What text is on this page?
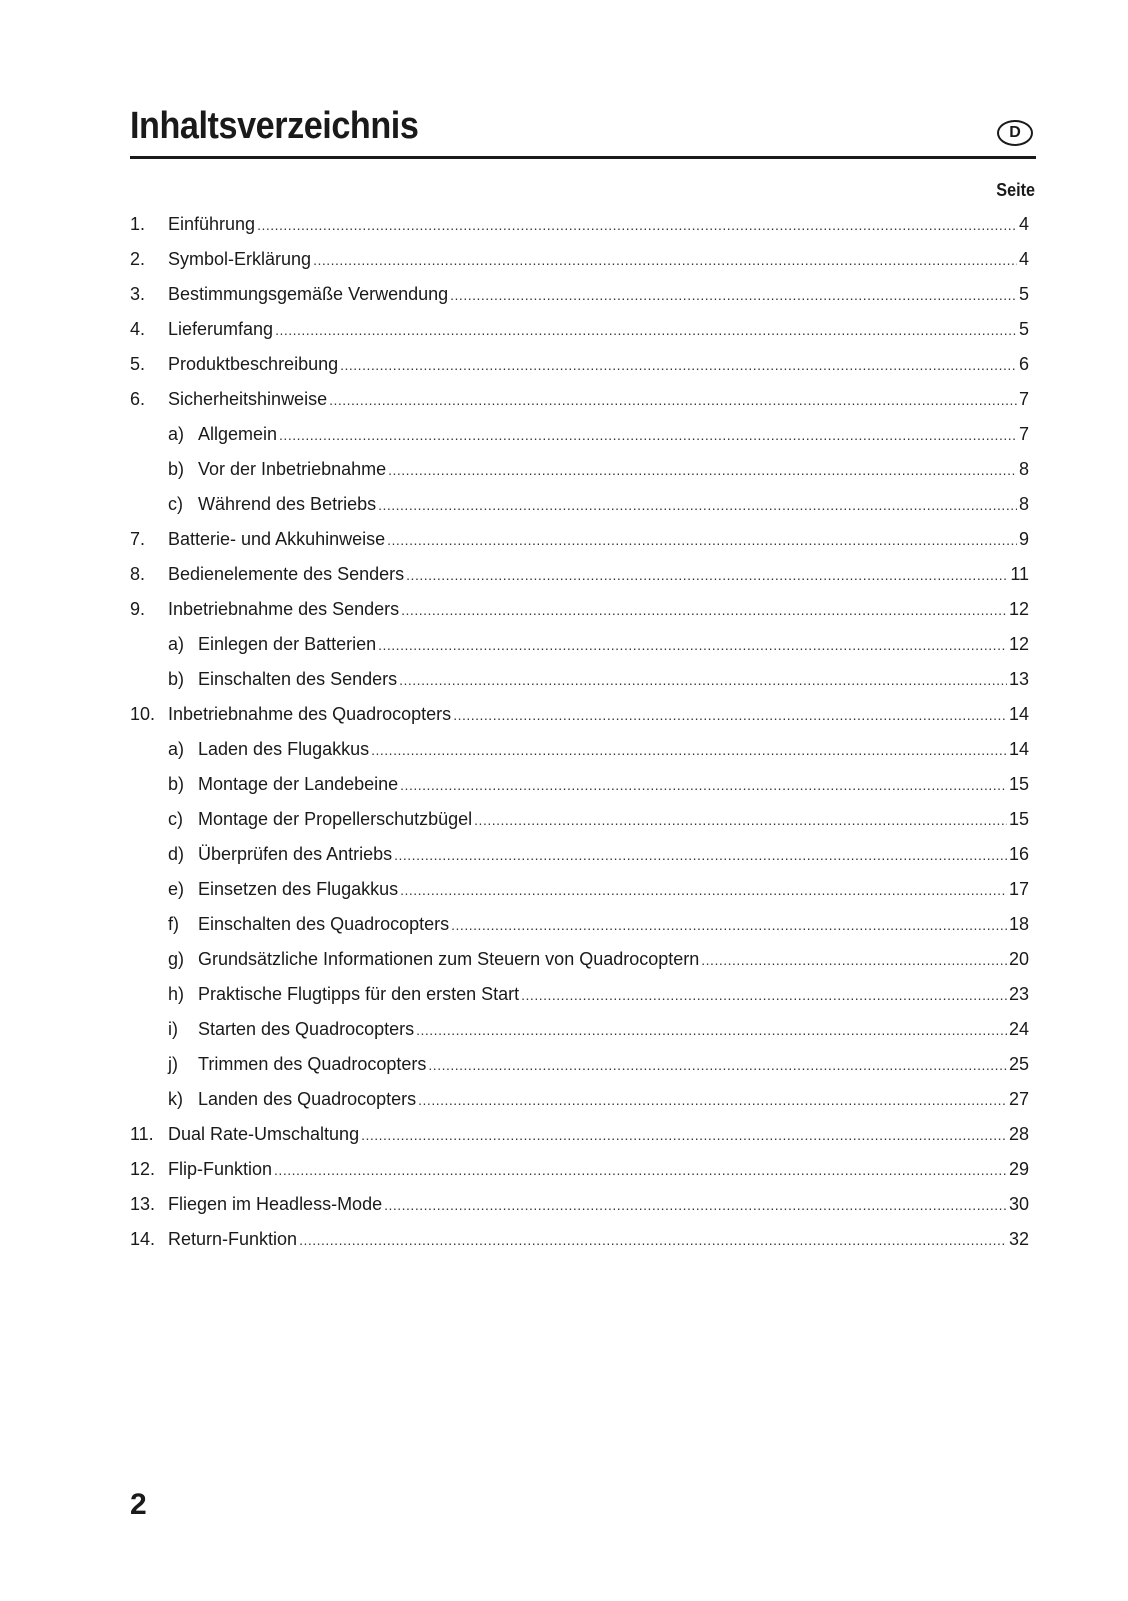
Inhaltsverzeichnis	D
Seite
1.	Einführung .....	4
2.	Symbol-Erklärung .....	4
3.	Bestimmungsgemäße Verwendung .....	5
4.	Lieferumfang .....	5
5.	Produktbeschreibung .....	6
6.	Sicherheitshinweise .....	7
a) Allgemein .....	7
b) Vor der Inbetriebnahme .....	8
c) Während des Betriebs .....	8
7.	Batterie- und Akkuhinweise .....	9
8.	Bedienelemente des Senders .....	11
9.	Inbetriebnahme des Senders .....	12
a) Einlegen der Batterien .....	12
b) Einschalten des Senders .....	13
10. Inbetriebnahme des Quadrocopters .....	14
a) Laden des Flugakkus .....	14
b) Montage der Landebeine .....	15
c) Montage der Propellerschutzbügel .....	15
d) Überprüfen des Antriebs .....	16
e) Einsetzen des Flugakkus .....	17
f)	Einschalten des Quadrocopters .....	18
g) Grundsätzliche Informationen zum Steuern von Quadrocoptern .....	20
h) Praktische Flugtipps für den ersten Start .....	23
i)	Starten des Quadrocopters .....	24
j)	Trimmen des Quadrocopters .....	25
k) Landen des Quadrocopters .....	27
11. Dual Rate-Umschaltung .....	28
12. Flip-Funktion .....	29
13. Fliegen im Headless-Mode .....	30
14. Return-Funktion .....	32
2
